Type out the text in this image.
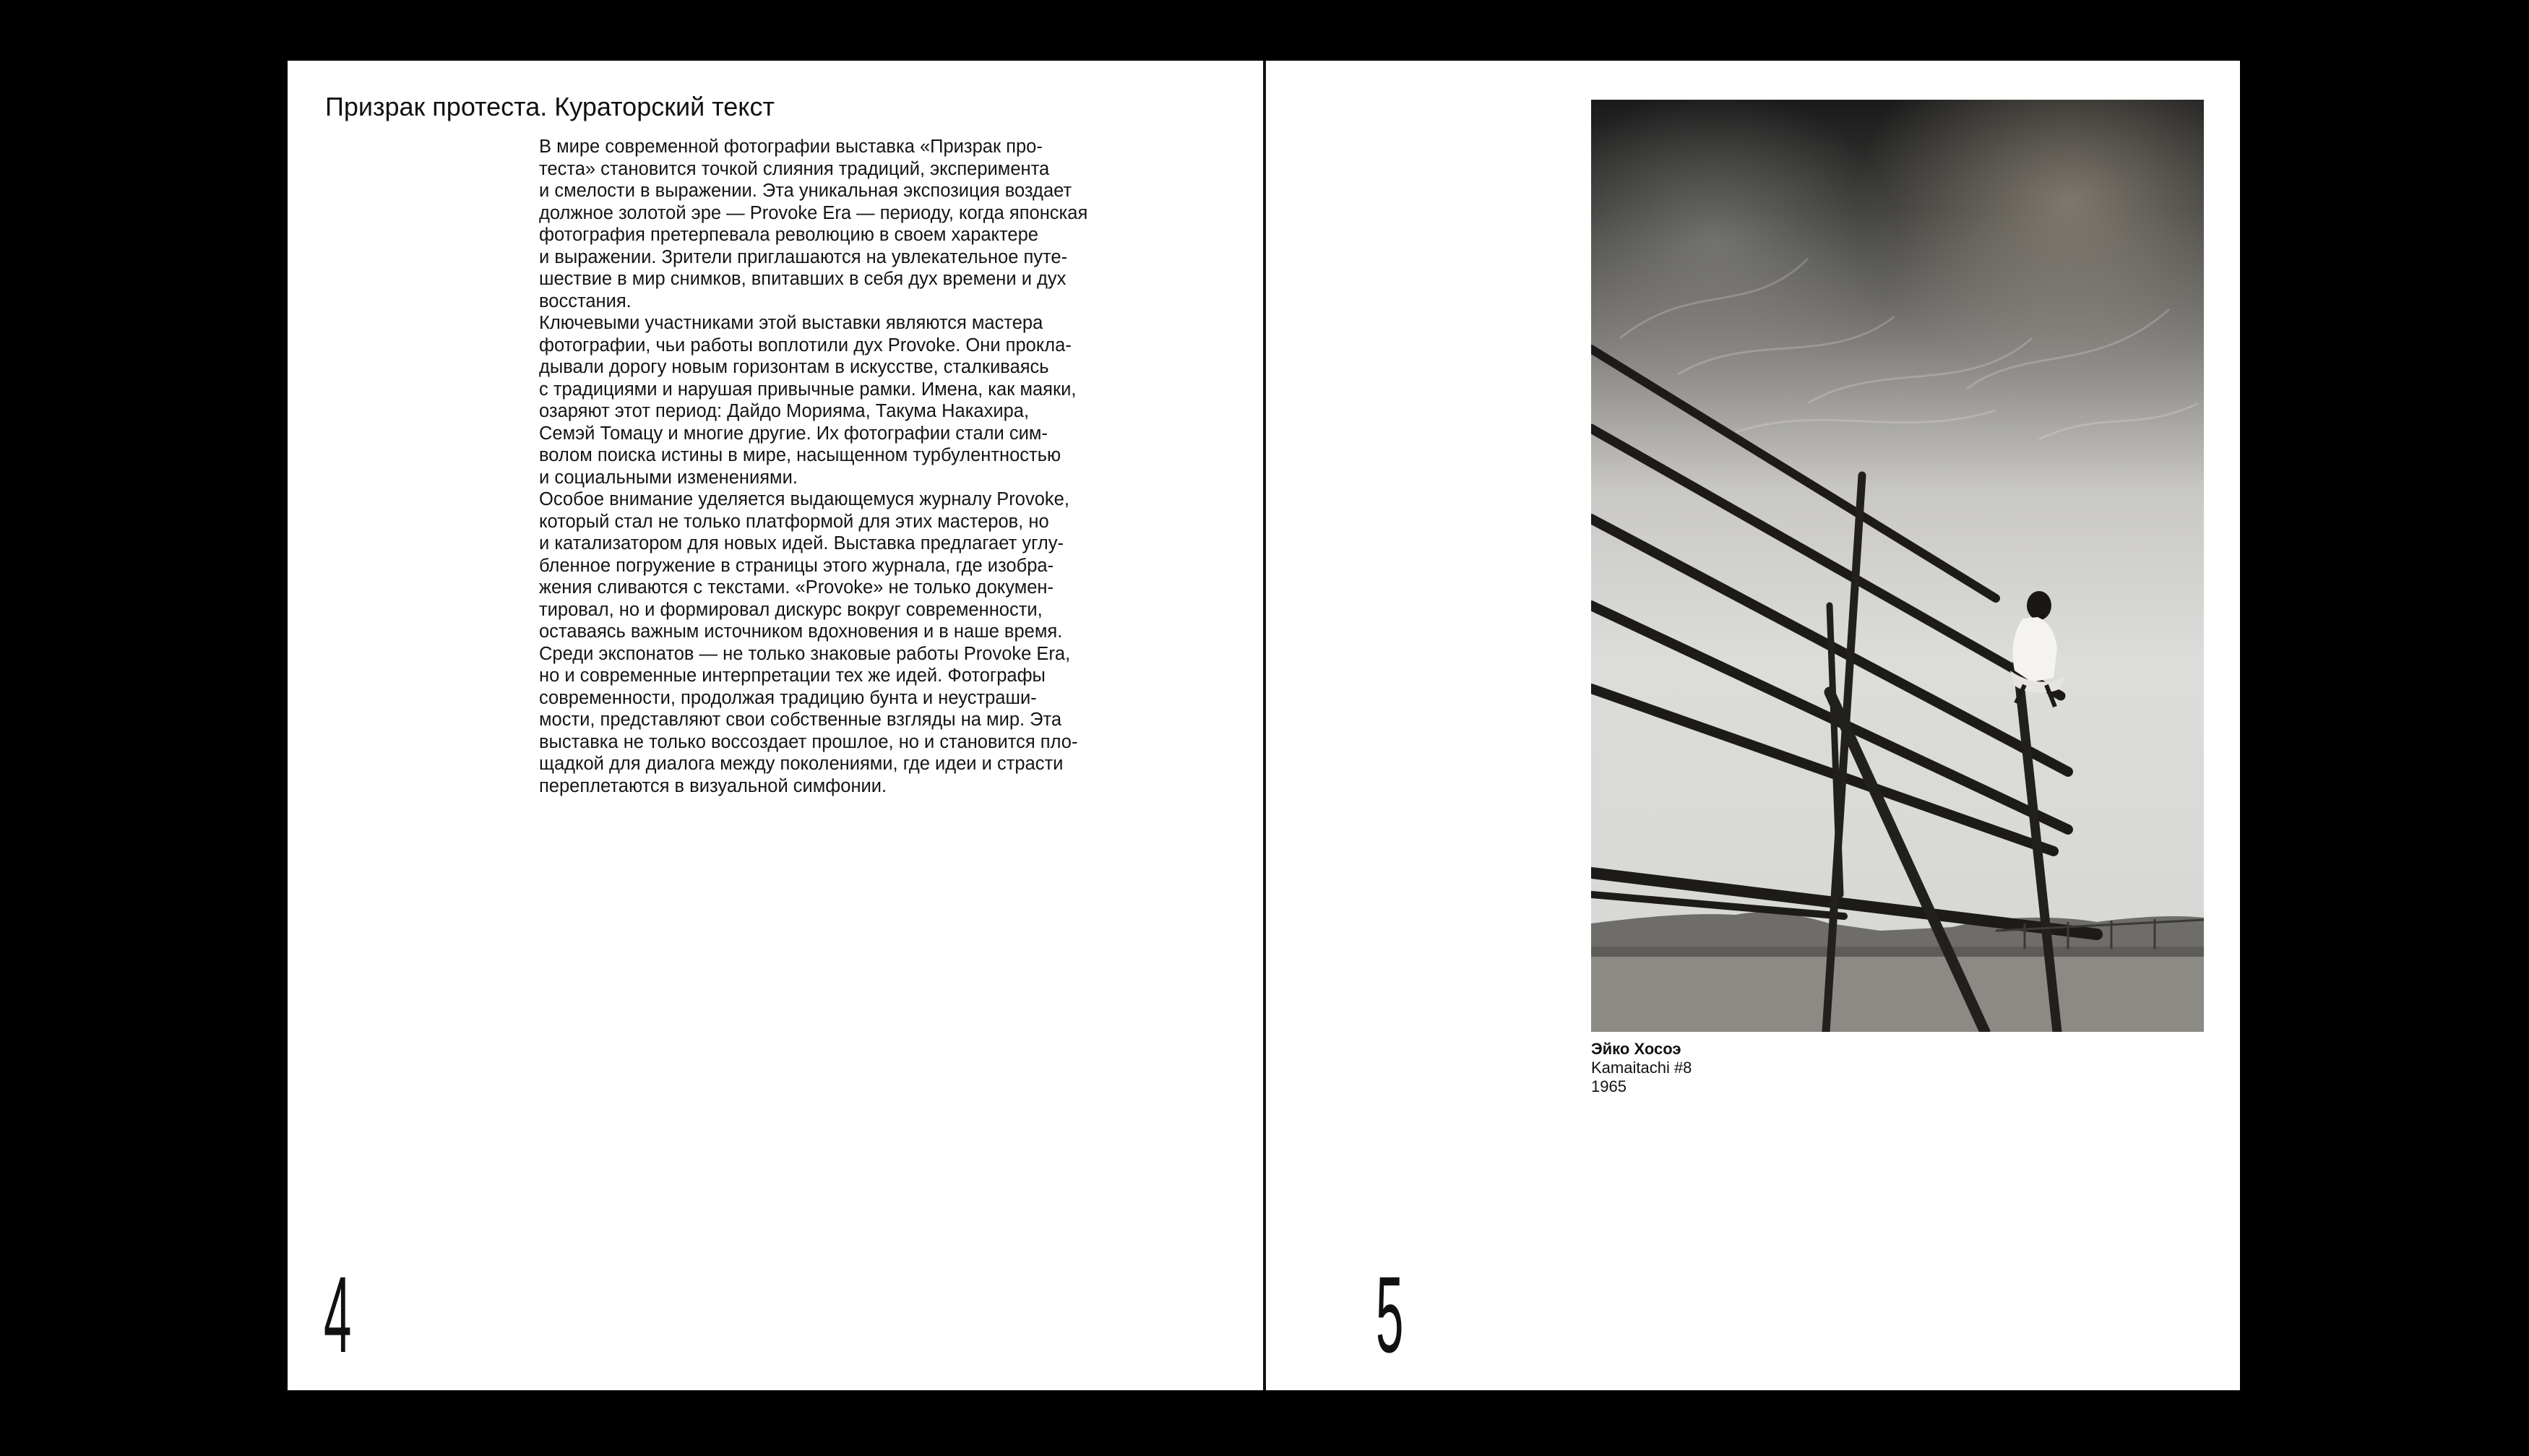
Призрак протеста. Кураторский текст

В мире современной фотографии выставка «Призрак про-
теста» становится точкой слияния традиций, эксперимента
и смелости в выражении. Эта уникальная экспозиция воздает
должное золотой эре — Provoke Era — периоду, когда японская
фотография претерпевала революцию в своем характере
и выражении. Зрители приглашаются на увлекательное путе-
шествие в мир снимков, впитавших в себя дух времени и дух
восстания.

Ключевыми участниками этой выставки являются мастера
фотографии, чьи работы воплотили дух Provoke. Они прокла-
дывали дорогу новым горизонтам в искусстве, сталкиваясь
с традициями и нарушая привычные рамки. Имена, как маяки,
озаряют этот период: Дайдо Морияма, Такума Накахира,
Семэй Томацу и многие другие. Их фотографии стали сим-
волом поиска истины в мире, насыщенном турбулентностью
и социальными изменениями.

Особое внимание уделяется выдающемуся журналу Provoke,
который стал не только платформой для этих мастеров, но
и катализатором для новых идей. Выставка предлагает углу-
бленное погружение в страницы этого журнала, где изобра-
жения сливаются с текстами. «Provoke» не только докумен-
тировал, но и формировал дискурс вокруг современности,
оставаясь важным источником вдохновения и в наше время.

Среди экспонатов — не только знаковые работы Provoke Era,
но и современные интерпретации тех же идей. Фотографы
современности, продолжая традицию бунта и неустраши-
мости, представляют свои собственные взгляды на мир. Эта
выставка не только воссоздает прошлое, но и становится пло-
щадкой для диалога между поколениями, где идеи и страсти
переплетаются в визуальной симфонии.

4
Эйко Хосоэ
Kamaitachi #8
1965
5
